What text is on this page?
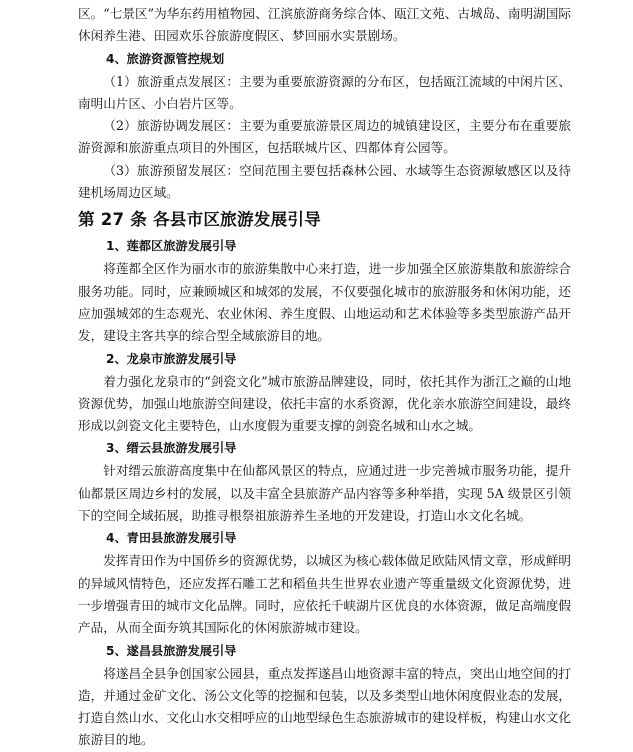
区。“七景区”为华东药用植物园、江滨旅游商务综合体、瓯江文苑、古城岛、南明湖国际休闲养生港、田园欢乐谷旅游度假区、梦回丽水实景剧场。

4、旅游资源管控规划

（1）旅游重点发展区：主要为重要旅游资源的分布区，包括瓯江流域的中闲片区、南明山片区、小白岩片区等。

（2）旅游协调发展区：主要为重要旅游景区周边的城镇建设区，主要分布在重要旅游资源和旅游重点项目的外围区，包括联城片区、四都体育公园等。

（3）旅游预留发展区：空间范围主要包括森林公园、水域等生态资源敏感区以及待建机场周边区域。

第 27 条 各县市区旅游发展引导
1、莲都区旅游发展引导

将莲都全区作为丽水市的旅游集散中心来打造，进一步加强全区旅游集散和旅游综合服务功能。同时，应兼顾城区和城郊的发展，不仅要强化城市的旅游服务和休闲功能，还应加强城郊的生态观光、农业休闲、养生度假、山地运动和艺术体验等多类型旅游产品开发，建设主客共享的综合型全域旅游目的地。

2、龙泉市旅游发展引导

着力强化龙泉市的“剑瓷文化”城市旅游品牌建设，同时，依托其作为浙江之巅的山地资源优势，加强山地旅游空间建设，依托丰富的水系资源，优化亲水旅游空间建设，最终形成以剑瓷文化主要特色，山水度假为重要支撑的剑瓷名城和山水之城。

3、缙云县旅游发展引导

针对缙云旅游高度集中在仙都风景区的特点，应通过进一步完善城市服务功能，提升仙都景区周边乡村的发展，以及丰富全县旅游产品内容等多种举措，实现 5A 级景区引领下的空间全域拓展，助推寻根祭祖旅游养生圣地的开发建设，打造山水文化名城。

4、青田县旅游发展引导

发挥青田作为中国侨乡的资源优势，以城区为核心载体做足欧陆风情文章，形成鲜明的异域风情特色，还应发挥石雕工艺和稻鱼共生世界农业遗产等重量级文化资源优势，进一步增强青田的城市文化品牌。同时，应依托千峡湖片区优良的水体资源，做足高端度假产品，从而全面夯筑其国际化的休闲旅游城市建设。

5、遂昌县旅游发展引导

将遂昌全县争创国家公园县，重点发挥遂昌山地资源丰富的特点，突出山地空间的打造，并通过金矿文化、汤公文化等的挖掘和包装，以及多类型山地休闲度假业态的发展，打造自然山水、文化山水交相呼应的山地型绿色生态旅游城市的建设样板，构建山水文化旅游目的地。
